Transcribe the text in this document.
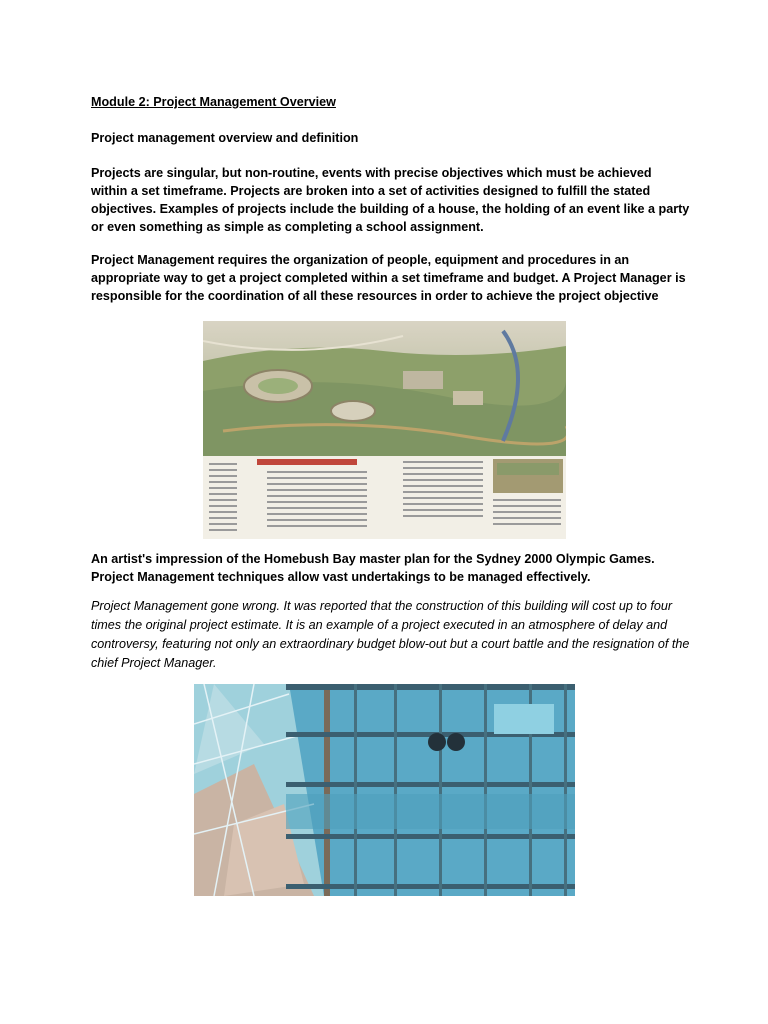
Module 2: Project Management Overview
Project management overview and definition

Projects are singular, but non-routine, events with precise objectives which must be achieved within a set timeframe. Projects are broken into a set of activities designed to fulfill the stated objectives. Examples of projects include the building of a house, the holding of an event like a party or even something as simple as completing a school assignment.

Project Management requires the organization of people, equipment and procedures in an appropriate way to get a project completed within a set timeframe and budget. A Project Manager is responsible for the coordination of all these resources in order to achieve the project objective

An artist's impression of the Homebush Bay master plan for the Sydney 2000 Olympic Games. Project Management techniques allow vast undertakings to be managed effectively.

Project Management gone wrong. It was reported that the construction of this building will cost up to four times the original project estimate. It is an example of a project executed in an atmosphere of delay and controversy, featuring not only an extraordinary budget blow-out but a court battle and the resignation of the chief Project Manager.
